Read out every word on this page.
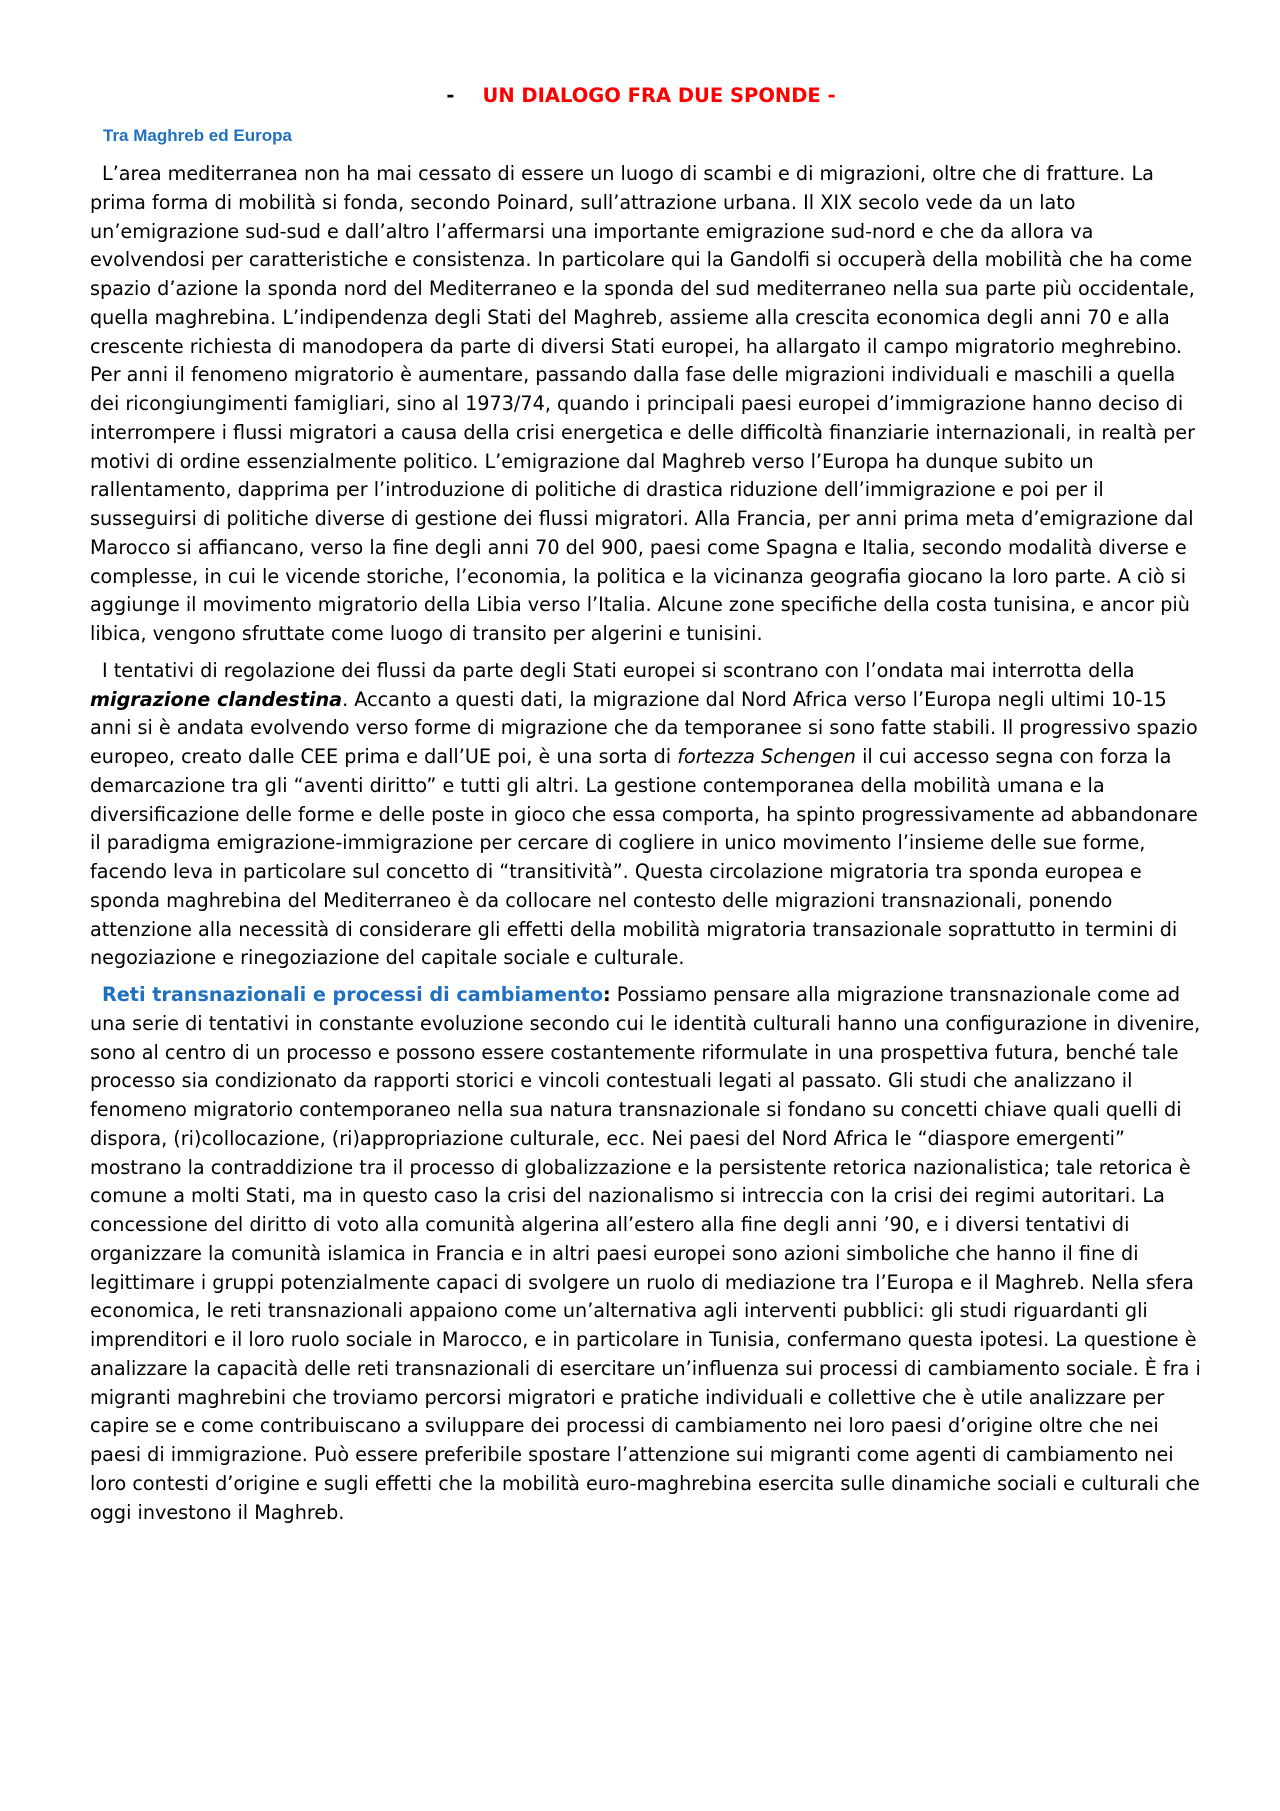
- UN DIALOGO FRA DUE SPONDE -
Tra Maghreb ed Europa

L’area mediterranea non ha mai cessato di essere un luogo di scambi e di migrazioni, oltre che di fratture. La prima forma di mobilità si fonda, secondo Poinard, sull’attrazione urbana. Il XIX secolo vede da un lato un’emigrazione sud-sud e dall’altro l’affermarsi una importante emigrazione sud-nord e che da allora va evolvendosi per caratteristiche e consistenza. In particolare qui la Gandolfi si occuperà della mobilità che ha come spazio d’azione la sponda nord del Mediterraneo e la sponda del sud mediterraneo nella sua parte più occidentale, quella maghrebina. L’indipendenza degli Stati del Maghreb, assieme alla crescita economica degli anni 70 e alla crescente richiesta di manodopera da parte di diversi Stati europei, ha allargato il campo migratorio meghrebino. Per anni il fenomeno migratorio è aumentare, passando dalla fase delle migrazioni individuali e maschili a quella dei ricongiungimenti famigliari, sino al 1973/74, quando i principali paesi europei d’immigrazione hanno deciso di interrompere i flussi migratori a causa della crisi energetica e delle difficoltà finanziarie internazionali, in realtà per motivi di ordine essenzialmente politico. L’emigrazione dal Maghreb verso l’Europa ha dunque subito un rallentamento, dapprima per l’introduzione di politiche di drastica riduzione dell’immigrazione e poi per il susseguirsi di politiche diverse di gestione dei flussi migratori. Alla Francia, per anni prima meta d’emigrazione dal Marocco si affiancano, verso la fine degli anni 70 del 900, paesi come Spagna e Italia, secondo modalità diverse e complesse, in cui le vicende storiche, l’economia, la politica e la vicinanza geografia giocano la loro parte. A ciò si aggiunge il movimento migratorio della Libia verso l’Italia. Alcune zone specifiche della costa tunisina, e ancor più libica, vengono sfruttate come luogo di transito per algerini e tunisini.

I tentativi di regolazione dei flussi da parte degli Stati europei si scontrano con l’ondata mai interrotta della migrazione clandestina. Accanto a questi dati, la migrazione dal Nord Africa verso l’Europa negli ultimi 10-15 anni si è andata evolvendo verso forme di migrazione che da temporanee si sono fatte stabili. Il progressivo spazio europeo, creato dalle CEE prima e dall’UE poi, è una sorta di fortezza Schengen il cui accesso segna con forza la demarcazione tra gli “aventi diritto” e tutti gli altri. La gestione contemporanea della mobilità umana e la diversificazione delle forme e delle poste in gioco che essa comporta, ha spinto progressivamente ad abbandonare il paradigma emigrazione-immigrazione per cercare di cogliere in unico movimento l’insieme delle sue forme, facendo leva in particolare sul concetto di “transitività”. Questa circolazione migratoria tra sponda europea e sponda maghrebina del Mediterraneo è da collocare nel contesto delle migrazioni transnazionali, ponendo attenzione alla necessità di considerare gli effetti della mobilità migratoria transazionale soprattutto in termini di negoziazione e rinegoziazione del capitale sociale e culturale.

Reti transnazionali e processi di cambiamento: Possiamo pensare alla migrazione transnazionale come ad una serie di tentativi in constante evoluzione secondo cui le identità culturali hanno una configurazione in divenire, sono al centro di un processo e possono essere costantemente riformulate in una prospettiva futura, benché tale processo sia condizionato da rapporti storici e vincoli contestuali legati al passato. Gli studi che analizzano il fenomeno migratorio contemporaneo nella sua natura transnazionale si fondano su concetti chiave quali quelli di dispora, (ri)collocazione, (ri)appropriazione culturale, ecc. Nei paesi del Nord Africa le “diaspore emergenti” mostrano la contraddizione tra il processo di globalizzazione e la persistente retorica nazionalistica; tale retorica è comune a molti Stati, ma in questo caso la crisi del nazionalismo si intreccia con la crisi dei regimi autoritari. La concessione del diritto di voto alla comunità algerina all’estero alla fine degli anni ’90, e i diversi tentativi di organizzare la comunità islamica in Francia e in altri paesi europei sono azioni simboliche che hanno il fine di legittimare i gruppi potenzialmente capaci di svolgere un ruolo di mediazione tra l’Europa e il Maghreb. Nella sfera economica, le reti transnazionali appaiono come un’alternativa agli interventi pubblici: gli studi riguardanti gli imprenditori e il loro ruolo sociale in Marocco, e in particolare in Tunisia, confermano questa ipotesi. La questione è analizzare la capacità delle reti transnazionali di esercitare un’influenza sui processi di cambiamento sociale. È fra i migranti maghrebini che troviamo percorsi migratori e pratiche individuali e collettive che è utile analizzare per capire se e come contribuiscano a sviluppare dei processi di cambiamento nei loro paesi d’origine oltre che nei paesi di immigrazione. Può essere preferibile spostare l’attenzione sui migranti come agenti di cambiamento nei loro contesti d’origine e sugli effetti che la mobilità euro-maghrebina esercita sulle dinamiche sociali e culturali che oggi investono il Maghreb.
